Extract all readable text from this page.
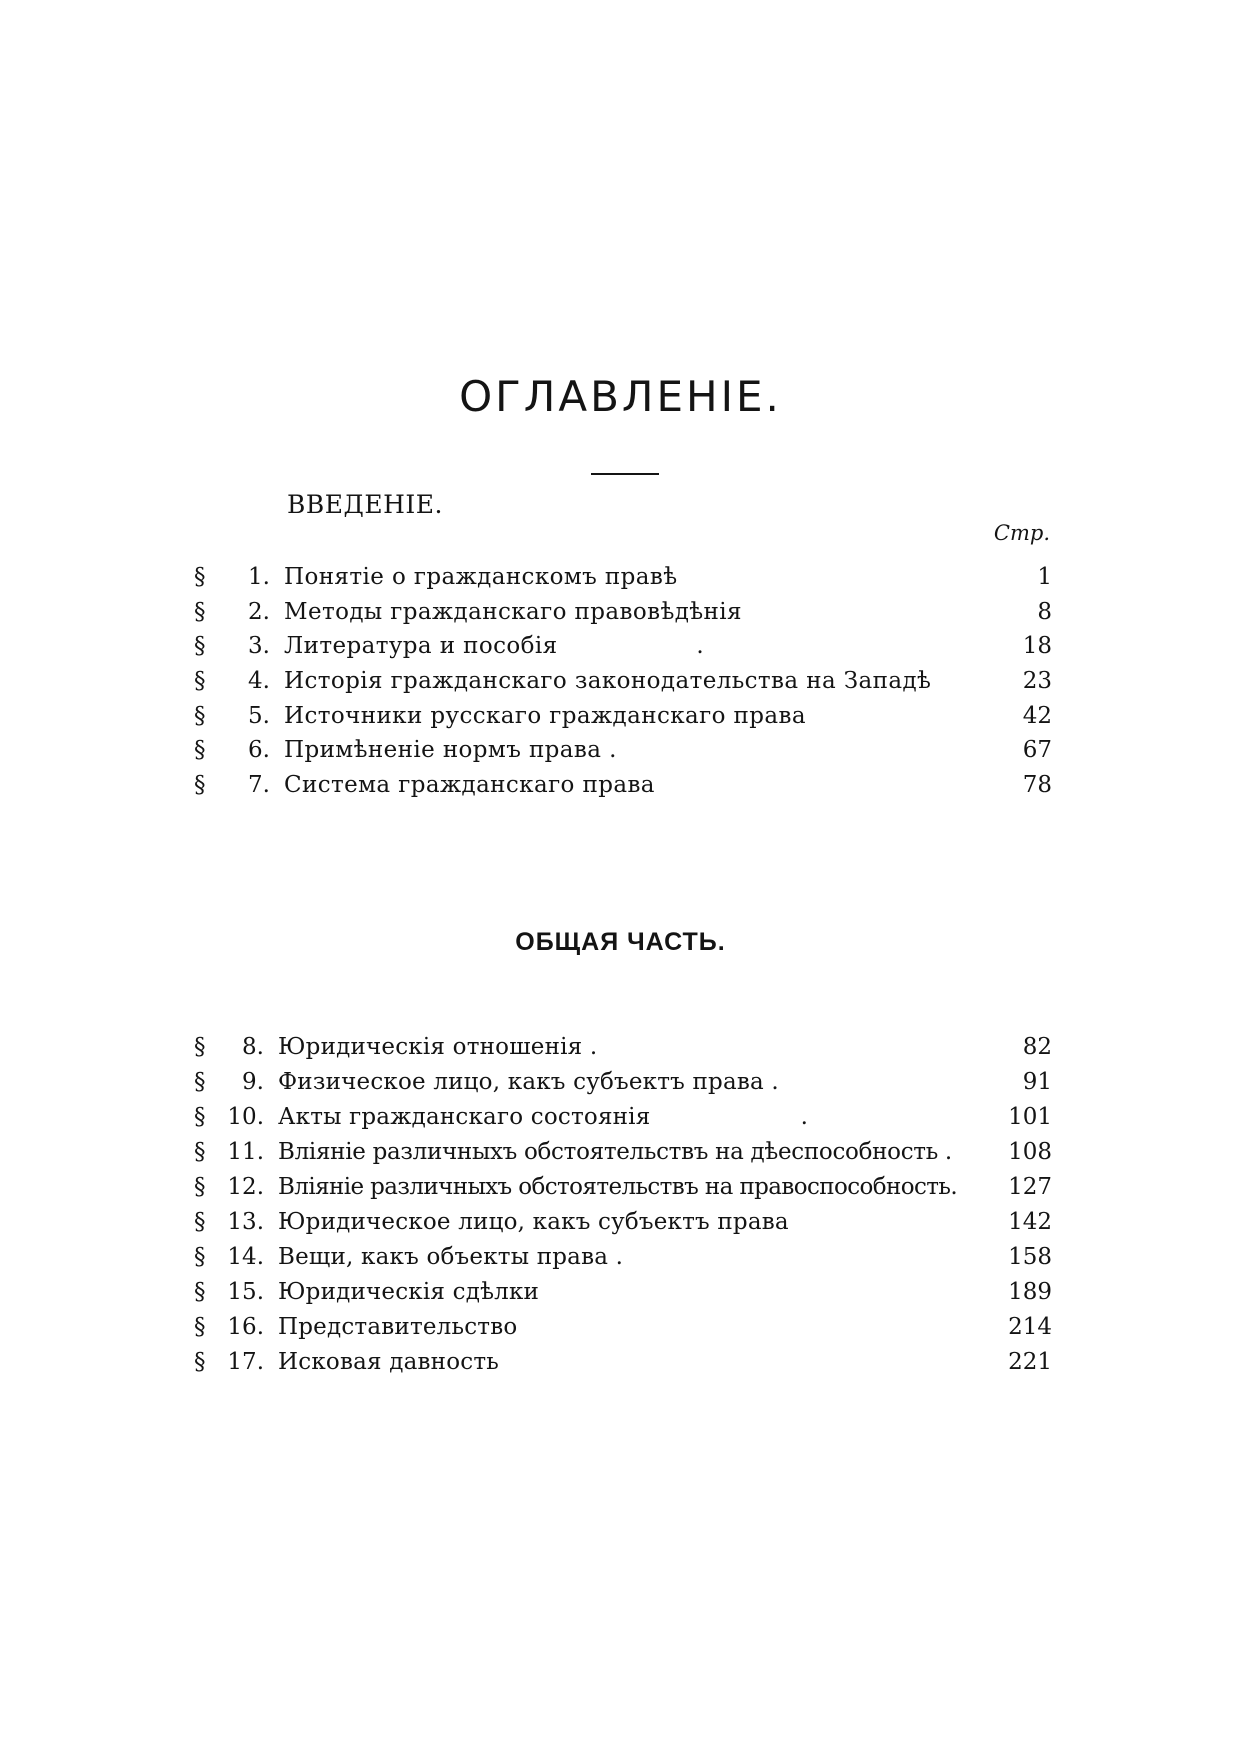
ОГЛАВЛЕНІЕ.
ВВЕДЕНІЕ.
Стр.
§	1. Понятіе о гражданскомъ правѣ	1
§	2. Методы гражданскаго правовѣдѣнія	8
§	3. Литература и пособія                  .	18
§	4. Исторія гражданскаго законодательства на Западѣ	23
§	5. Источники русскаго гражданскаго права	42
§	6. Примѣненіе нормъ права .	67
§	7. Система гражданскаго права	78
ОБЩАЯ ЧАСТЬ.
§	8. Юридическія отношенія .	82
§	9. Физическое лицо, какъ субъектъ права .	91
§ 10. Акты гражданскаго состоянія                    .	101
§ 11. Вліяніе различныхъ обстоятельствъ на дѣеспособность . 108
§ 12. Вліяніе различныхъ обстоятельствъ на правоспособность. 127
§ 13. Юридическое лицо, какъ субъектъ права	142
§ 14. Вещи, какъ объекты права .	158
§ 15. Юридическія сдѣлки	189
§ 16. Представительство	214
§ 17. Исковая давность	221
